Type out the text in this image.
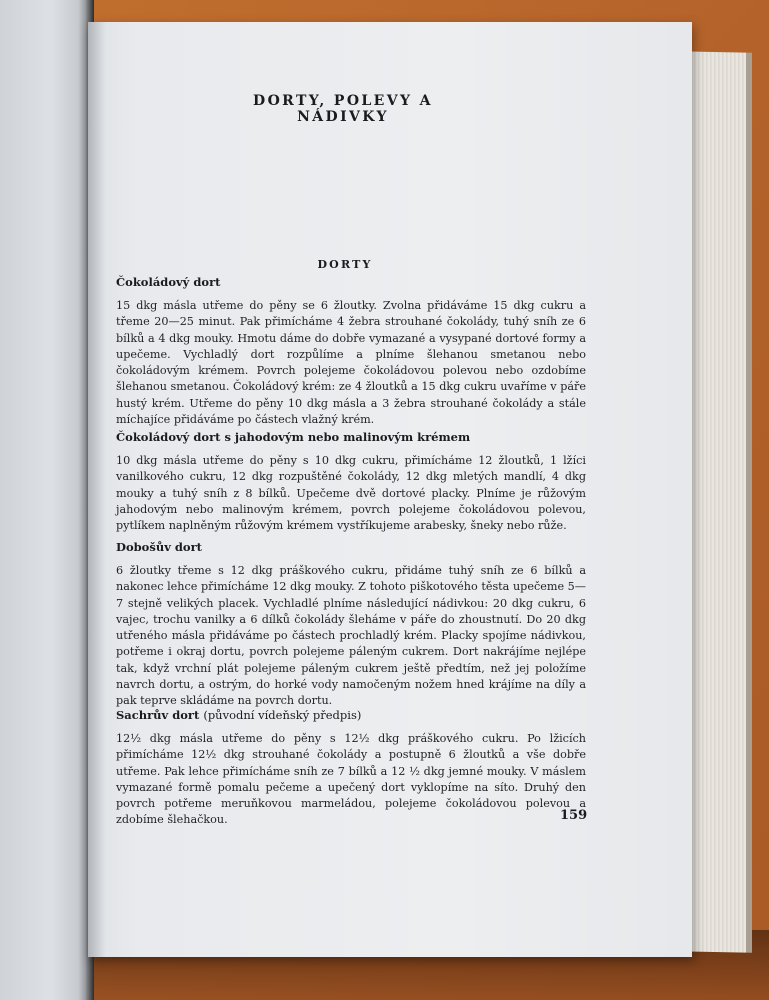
DORTY, POLEVY A NÁDIVKY
DORTY
Čokoládový dort

15 dkg másla utřeme do pěny se 6 žloutky. Zvolna přidáváme 15 dkg cukru a třeme 20—25 minut. Pak přimícháme 4 žebra strouhané čokolády, tuhý sníh ze 6 bílků a 4 dkg mouky. Hmotu dáme do dobře vymazané a vysypané dortové formy a upečeme. Vychladlý dort rozpůlíme a plníme šlehanou smetanou nebo čokoládovým krémem. Povrch polejeme čokoládovou polevou nebo ozdobíme šlehanou smetanou. Čokoládový krém: ze 4 žloutků a 15 dkg cukru uvaříme v páře hustý krém. Utřeme do pěny 10 dkg másla a 3 žebra strouhané čokolády a stále míchajíce přidáváme po částech vlažný krém.

Čokoládový dort s jahodovým nebo malinovým krémem

10 dkg másla utřeme do pěny s 10 dkg cukru, přimícháme 12 žloutků, 1 lžíci vanilkového cukru, 12 dkg rozpuštěné čokolády, 12 dkg mletých mandlí, 4 dkg mouky a tuhý sníh z 8 bílků. Upečeme dvě dortové placky. Plníme je růžovým jahodovým nebo malinovým krémem, povrch polejeme čokoládovou polevou, pytlíkem naplněným růžovým krémem vystříkujeme arabesky, šneky nebo růže.

Dobošův dort

6 žloutky třeme s 12 dkg práškového cukru, přidáme tuhý sníh ze 6 bílků a nakonec lehce přimícháme 12 dkg mouky. Z tohoto piškotového těsta upečeme 5—7 stejně velikých placek. Vychladlé plníme následující nádivkou: 20 dkg cukru, 6 vajec, trochu vanilky a 6 dílků čokolády šleháme v páře do zhoustnutí. Do 20 dkg utřeného másla přidáváme po částech prochladlý krém. Placky spojíme nádivkou, potřeme i okraj dortu, povrch polejeme páleným cukrem. Dort nakrájíme nejlépe tak, když vrchní plát polejeme páleným cukrem ještě předtím, než jej položíme navrch dortu, a ostrým, do horké vody namočeným nožem hned krájíme na díly a pak teprve skládáme na povrch dortu.

Sachrův dort (původní vídeňský předpis)

12½ dkg másla utřeme do pěny s 12½ dkg práškového cukru. Po lžicích přimícháme 12½ dkg strouhané čokolády a postupně 6 žloutků a vše dobře utřeme. Pak lehce přimícháme sníh ze 7 bílků a 12 ½ dkg jemné mouky. V máslem vymazané formě pomalu pečeme a upečený dort vyklopíme na síto. Druhý den povrch potřeme meruňkovou marmeládou, polejeme čokoládovou polevou a zdobíme šlehačkou.	159
